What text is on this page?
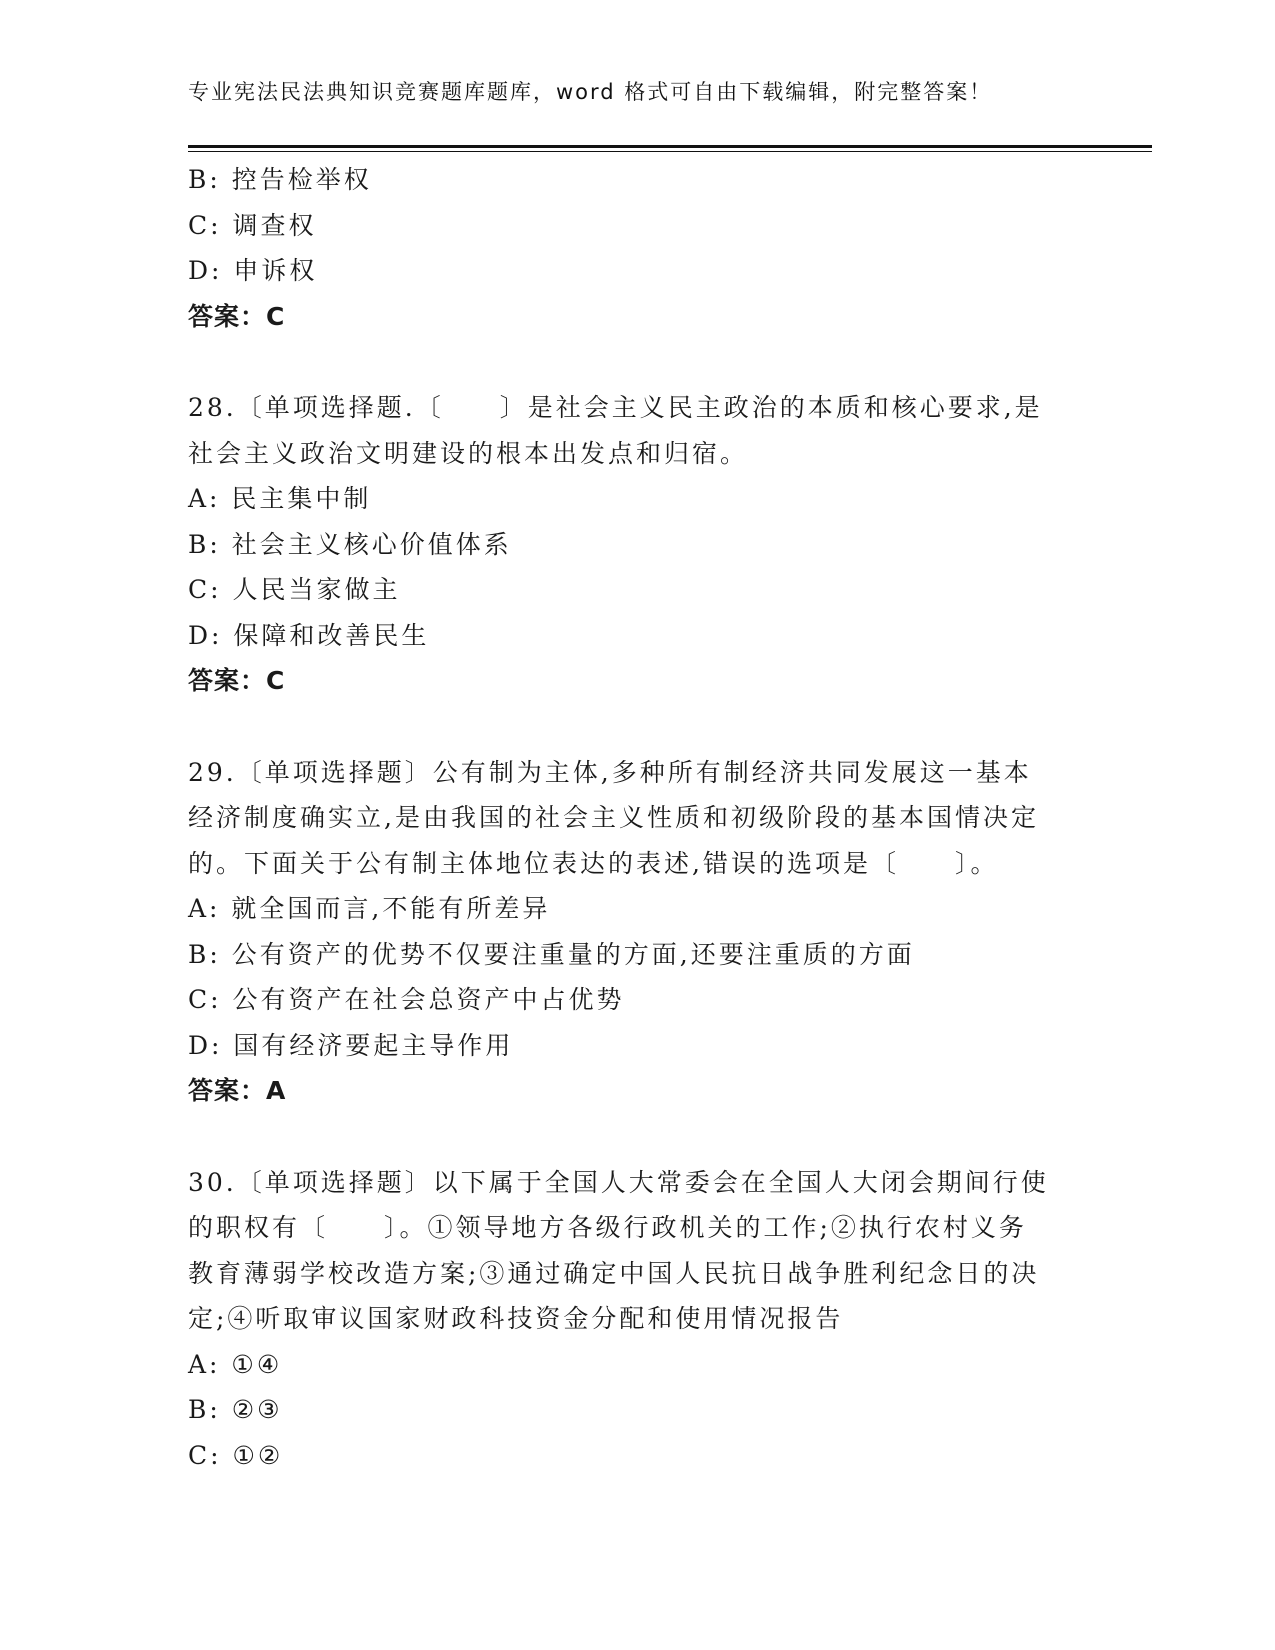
专业宪法民法典知识竞赛题库题库，word 格式可自由下载编辑，附完整答案！
B: 控告检举权
C: 调查权
D: 申诉权
答案：C
28.〔单项选择题.〔　　〕是社会主义民主政治的本质和核心要求,是
社会主义政治文明建设的根本出发点和归宿。
A: 民主集中制
B: 社会主义核心价值体系
C: 人民当家做主
D: 保障和改善民生
答案：C
29.〔单项选择题〕公有制为主体,多种所有制经济共同发展这一基本
经济制度确实立,是由我国的社会主义性质和初级阶段的基本国情决定
的。下面关于公有制主体地位表达的表述,错误的选项是〔　　〕。
A: 就全国而言,不能有所差异
B: 公有资产的优势不仅要注重量的方面,还要注重质的方面
C: 公有资产在社会总资产中占优势
D: 国有经济要起主导作用
答案：A
30.〔单项选择题〕以下属于全国人大常委会在全国人大闭会期间行使
的职权有〔　　〕。①领导地方各级行政机关的工作;②执行农村义务
教育薄弱学校改造方案;③通过确定中国人民抗日战争胜利纪念日的决
定;④听取审议国家财政科技资金分配和使用情况报告
A: ①④
B: ②③
C: ①②
